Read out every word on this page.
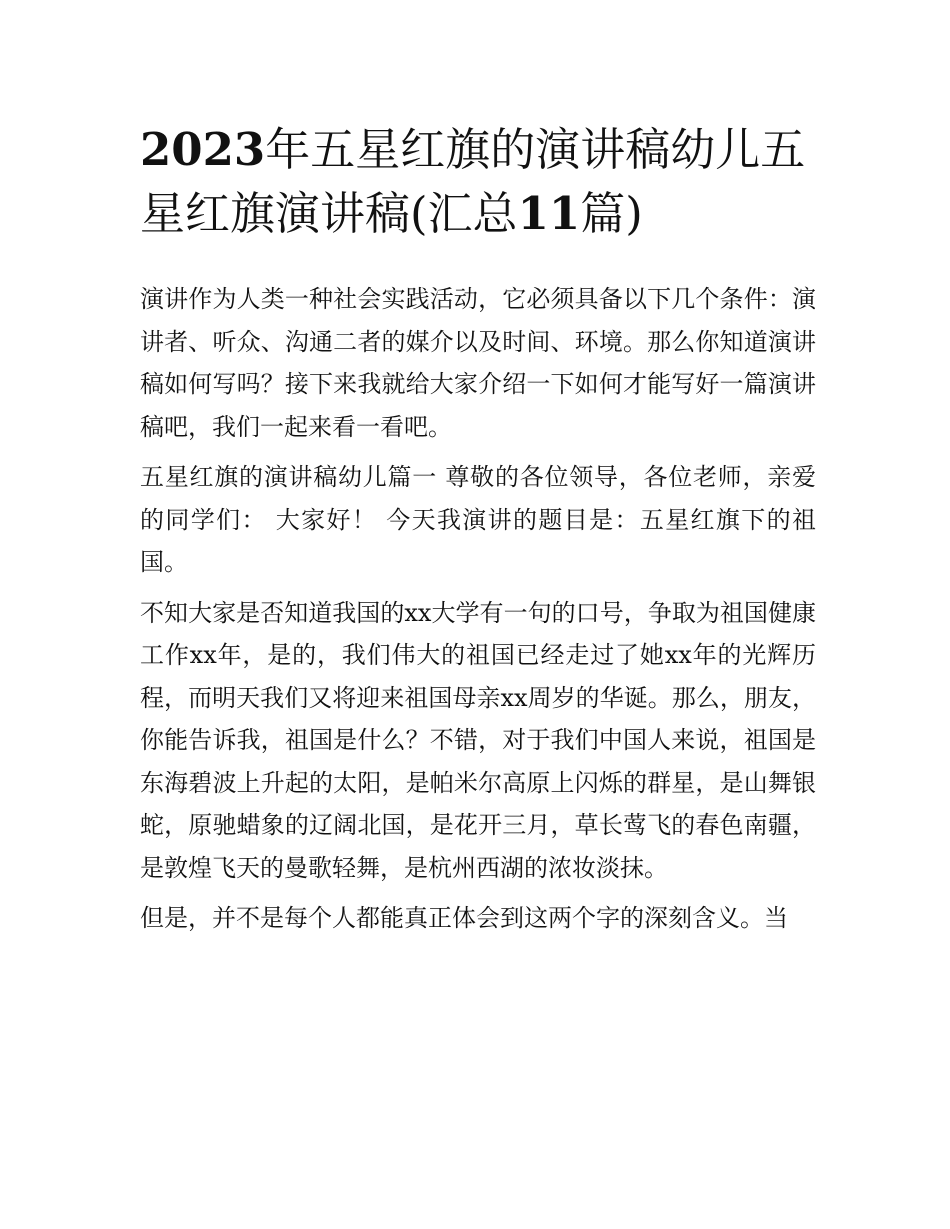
2023年五星红旗的演讲稿幼儿五星红旗演讲稿(汇总11篇)

演讲作为人类一种社会实践活动，它必须具备以下几个条件：演讲者、听众、沟通二者的媒介以及时间、环境。那么你知道演讲稿如何写吗？接下来我就给大家介绍一下如何才能写好一篇演讲稿吧，我们一起来看一看吧。

五星红旗的演讲稿幼儿篇一 尊敬的各位领导，各位老师，亲爱的同学们： 大家好！ 今天我演讲的题目是：五星红旗下的祖国。

不知大家是否知道我国的xx大学有一句的口号，争取为祖国健康工作xx年，是的，我们伟大的祖国已经走过了她xx年的光辉历程，而明天我们又将迎来祖国母亲xx周岁的华诞。那么，朋友，你能告诉我，祖国是什么？不错，对于我们中国人来说，祖国是东海碧波上升起的太阳，是帕米尔高原上闪烁的群星，是山舞银蛇，原驰蜡象的辽阔北国，是花开三月，草长莺飞的春色南疆，是敦煌飞天的曼歌轻舞，是杭州西湖的浓妆淡抹。

但是，并不是每个人都能真正体会到这两个字的深刻含义。当
